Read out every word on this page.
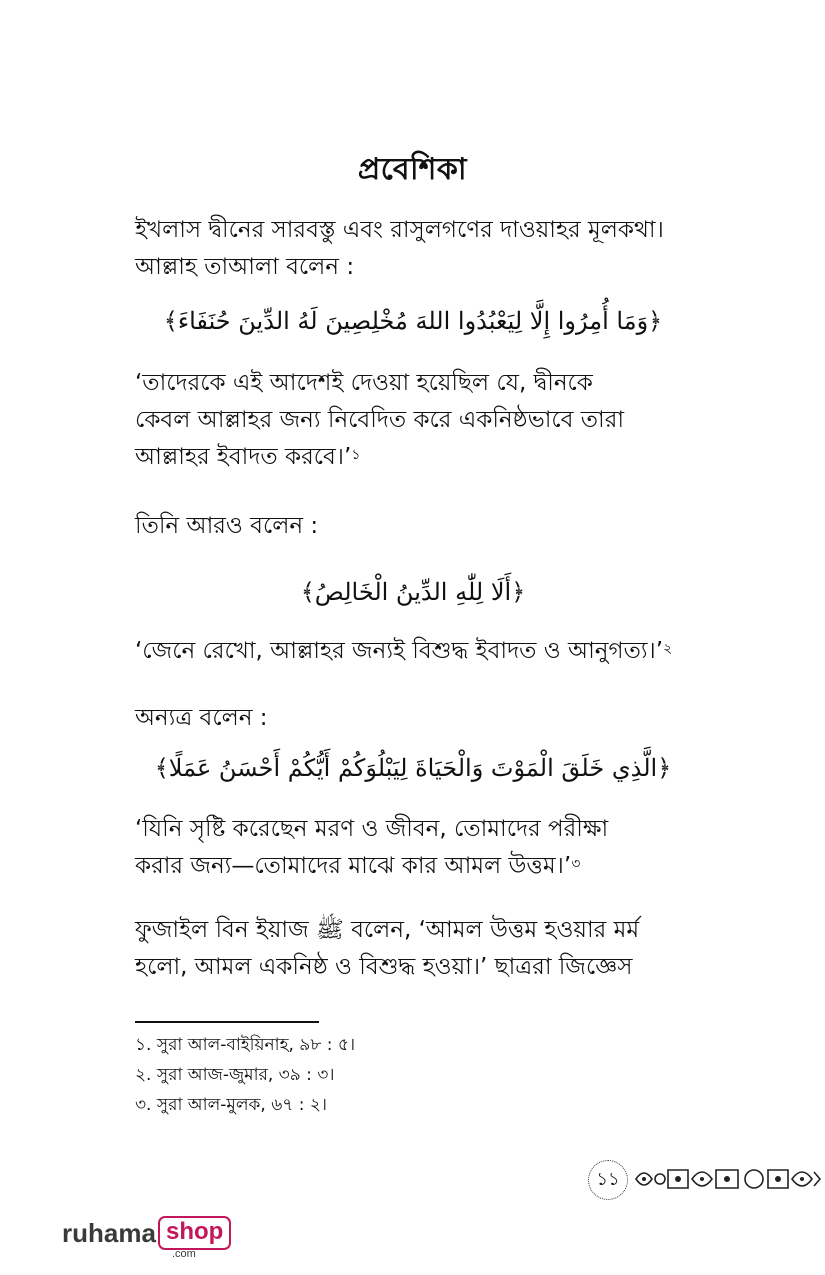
প্রবেশিকা

ইখলাস দ্বীনের সারবস্তু এবং রাসুলগণের দাওয়াহর মূলকথা।
আল্লাহ তাআলা বলেন :

﴿وَمَا أُمِرُوا إِلَّا لِيَعْبُدُوا اللهَ مُخْلِصِينَ لَهُ الدِّينَ حُنَفَاءَ﴾

‘তাদেরকে এই আদেশই দেওয়া হয়েছিল যে, দ্বীনকে
কেবল আল্লাহর জন্য নিবেদিত করে একনিষ্ঠভাবে তারা
আল্লাহর ইবাদত করবে।’$^১$

তিনি আরও বলেন :

﴿أَلَا لِلّٰهِ الدِّينُ الْخَالِصُ﴾

‘জেনে রেখো, আল্লাহর জন্যই বিশুদ্ধ ইবাদত ও আনুগত্য।’$^২$

অন্যত্র বলেন :

﴿الَّذِي خَلَقَ الْمَوْتَ وَالْحَيَاةَ لِيَبْلُوَكُمْ أَيُّكُمْ أَحْسَنُ عَمَلًا﴾

‘যিনি সৃষ্টি করেছেন মরণ ও জীবন, তোমাদের পরীক্ষা
করার জন্য—তোমাদের মাঝে কার আমল উত্তম।’$^৩$

ফুজাইল বিন ইয়াজ ﷺ বলেন, ‘আমল উত্তম হওয়ার মর্ম
হলো, আমল একনিষ্ঠ ও বিশুদ্ধ হওয়া।’ ছাত্ররা জিজ্ঞেস

১. সুরা আল-বাইয়িনাহ, ৯৮ : ৫।
২. সুরা আজ-জুমার, ৩৯ : ৩।
৩. সুরা আল-মুলক, ৬৭ : ২।
১১
ruhama shop
.com
